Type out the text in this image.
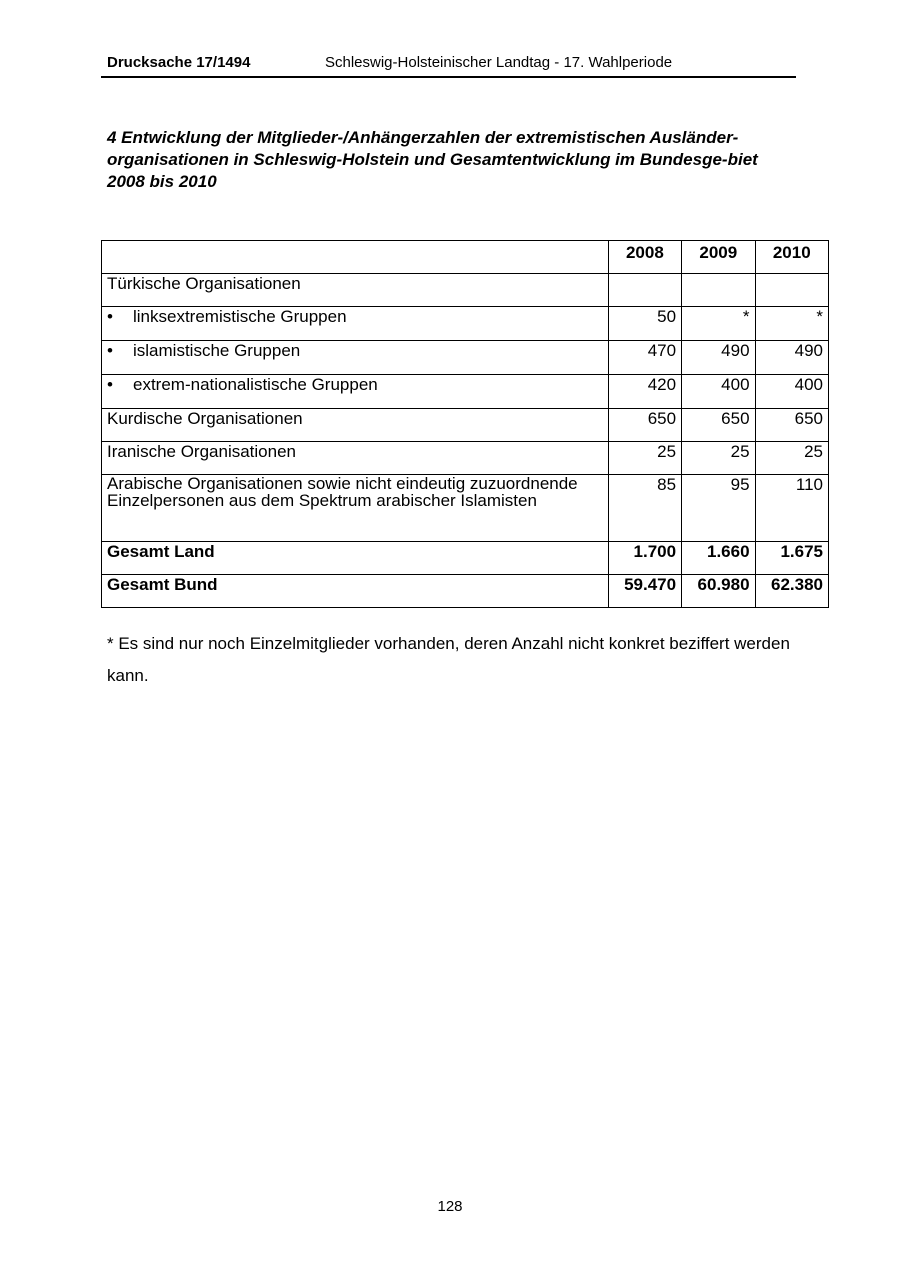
Drucksache 17/1494	Schleswig-Holsteinischer Landtag - 17. Wahlperiode
4 Entwicklung der Mitglieder-/Anhängerzahlen der extremistischen Ausländer-organisationen in Schleswig-Holstein und Gesamtentwicklung im Bundesge-biet 2008 bis 2010
	2008	2009	2010
Türkische Organisationen			
• linksextremistische Gruppen	50	*	*
• islamistische Gruppen	470	490	490
• extrem-nationalistische Gruppen	420	400	400
Kurdische Organisationen	650	650	650
Iranische Organisationen	25	25	25
Arabische Organisationen sowie nicht eindeutig zuzuordnende Einzelpersonen aus dem Spektrum arabischer Islamisten	85	95	110
Gesamt Land	1.700	1.660	1.675
Gesamt Bund	59.470	60.980	62.380

* Es sind nur noch Einzelmitglieder vorhanden, deren Anzahl nicht konkret beziffert werden kann.

128
